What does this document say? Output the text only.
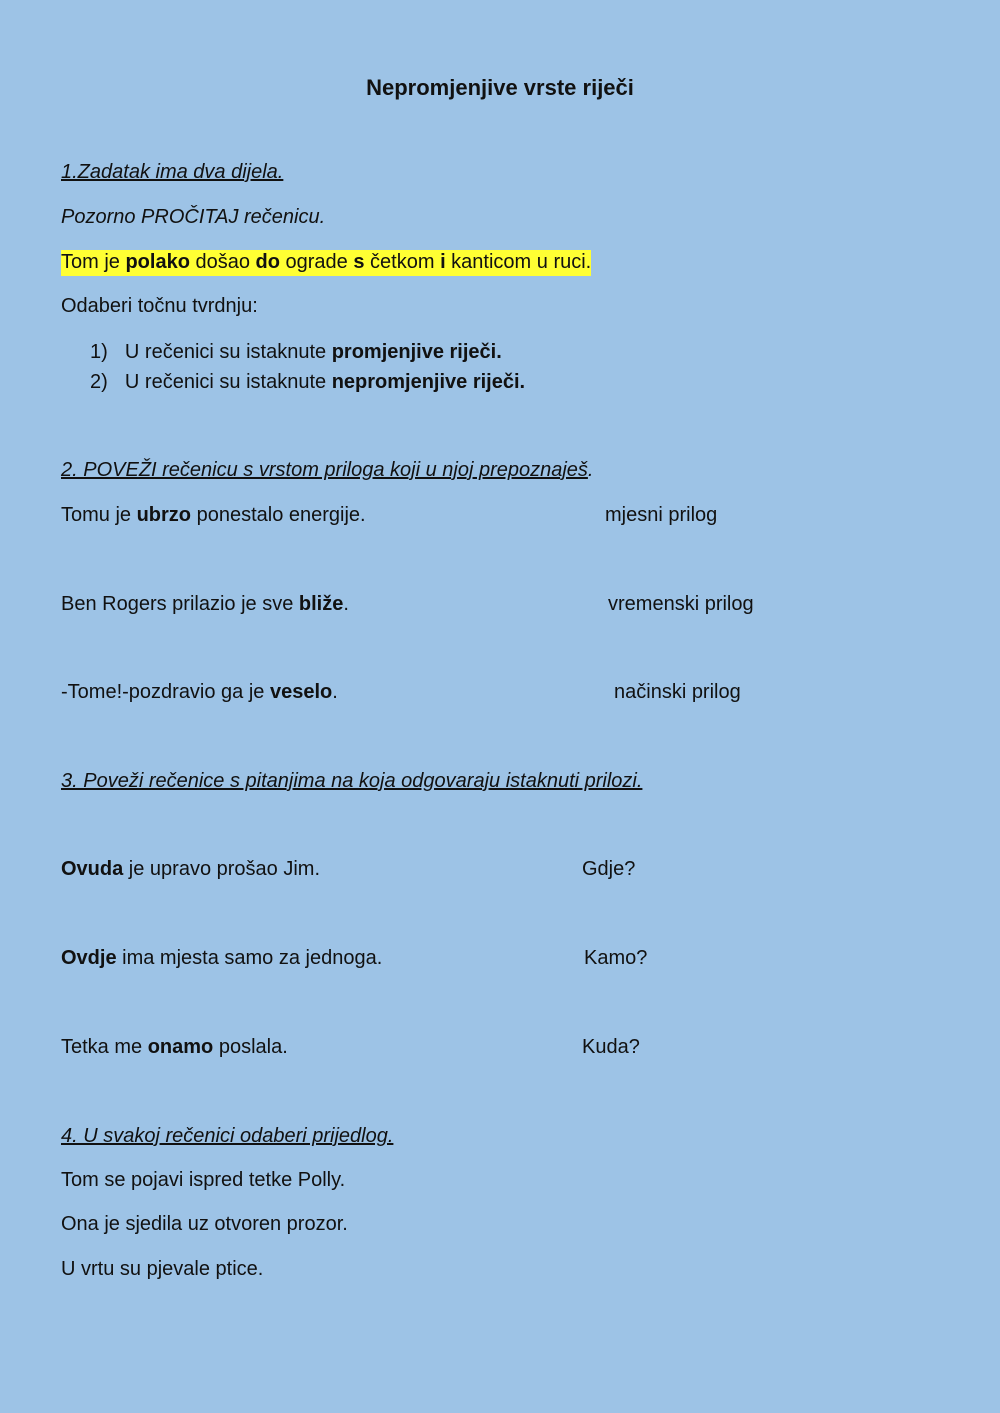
Nepromjenjive vrste riječi
1.Zadatak ima dva dijela.
Pozorno PROČITAJ rečenicu.
Tom je polako došao do ograde s četkom i kanticom u ruci.
Odaberi točnu tvrdnju:
1) U rečenici su istaknute promjenjive riječi.
2) U rečenici su istaknute nepromjenjive riječi.
2. POVEŽI rečenicu s vrstom priloga koji u njoj prepoznaješ.
Tomu je ubrzo ponestalo energije.	mjesni prilog
Ben Rogers prilazio je sve bliže.	vremenski prilog
-Tome!-pozdravio ga je veselo.	načinski prilog
3. Poveži rečenice s pitanjima na koja odgovaraju istaknuti prilozi.
Ovuda je upravo prošao Jim.	Gdje?
Ovdje ima mjesta samo za jednoga.	Kamo?
Tetka me onamo poslala.	Kuda?
4. U svakoj rečenici odaberi prijedlog.
Tom se pojavi ispred tetke Polly.
Ona je sjedila uz otvoren prozor.
U vrtu su pjevale ptice.
